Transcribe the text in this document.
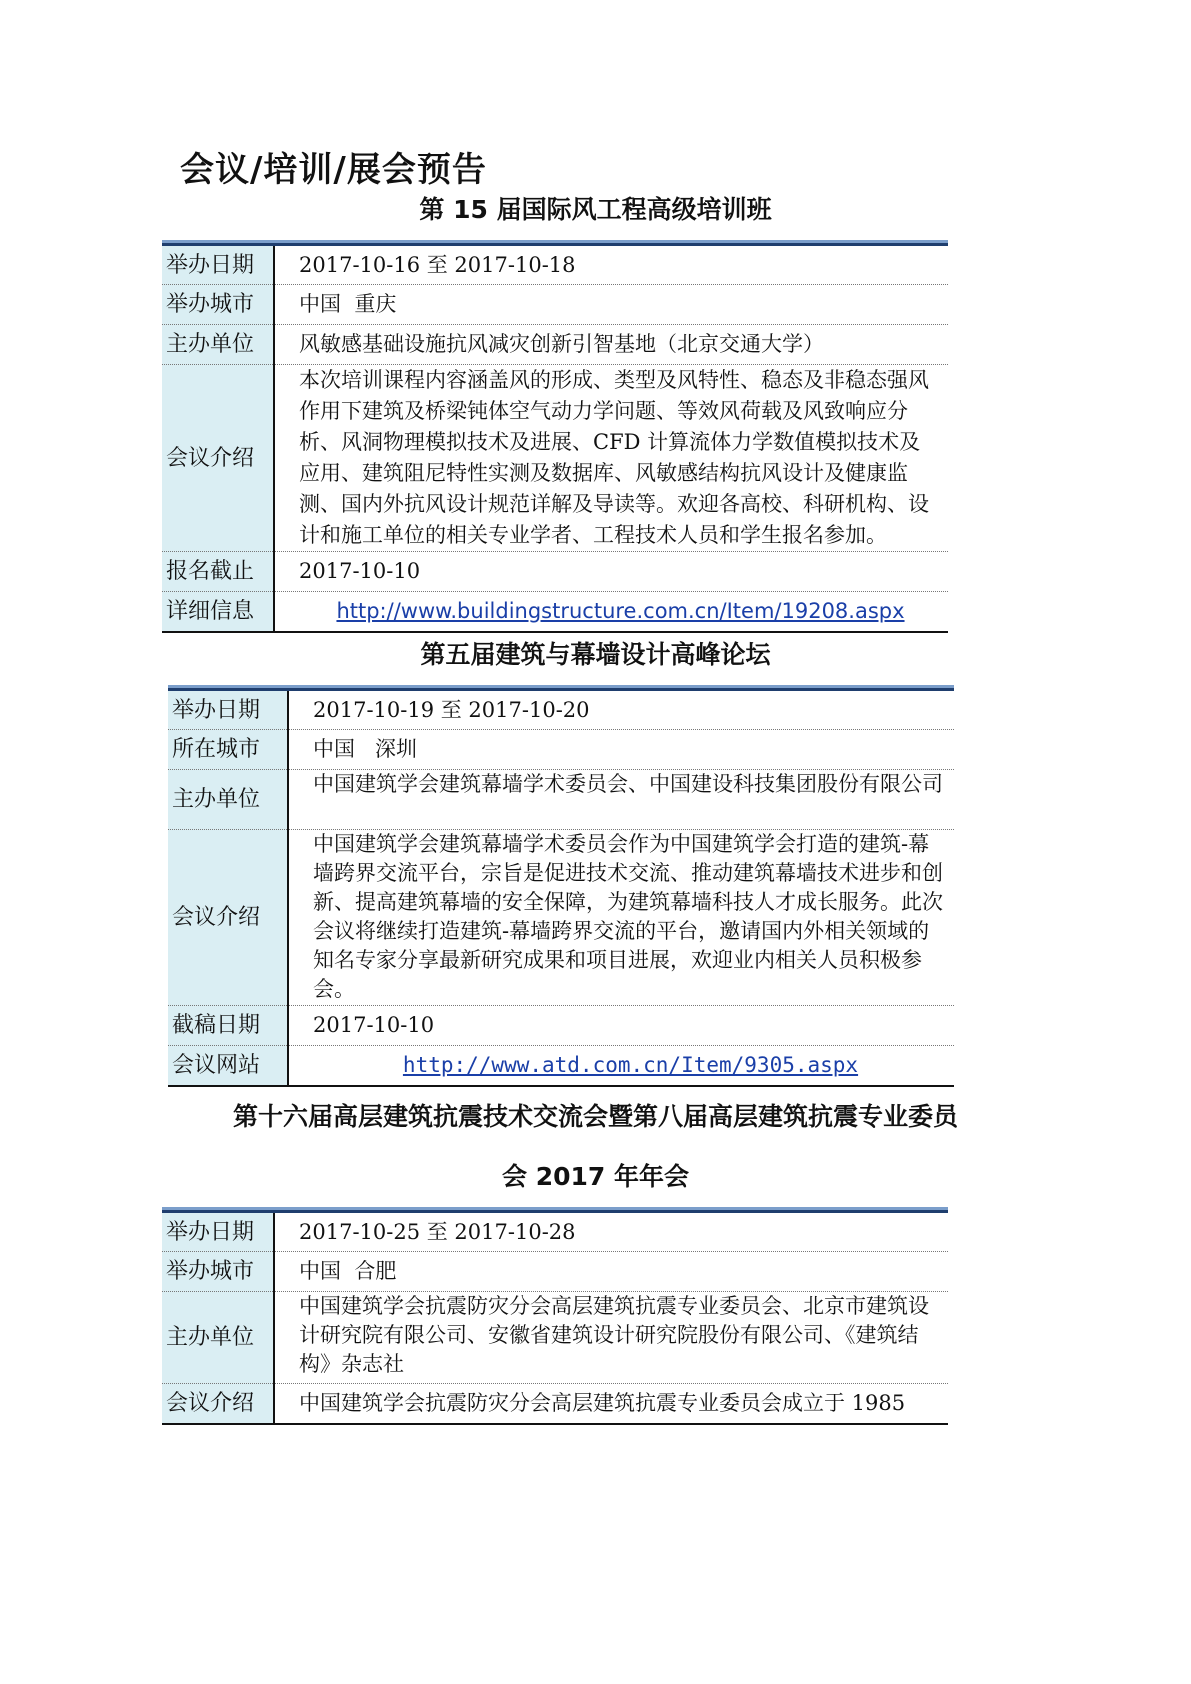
会议/培训/展会预告
第 15 届国际风工程高级培训班
举办日期	2017-10-16 至 2017-10-18
举办城市	中国  重庆
主办单位	风敏感基础设施抗风减灾创新引智基地（北京交通大学）
会议介绍	本次培训课程内容涵盖风的形成、类型及风特性、稳态及非稳态强风作用下建筑及桥梁钝体空气动力学问题、等效风荷载及风致响应分析、风洞物理模拟技术及进展、CFD 计算流体力学数值模拟技术及应用、建筑阻尼特性实测及数据库、风敏感结构抗风设计及健康监测、国内外抗风设计规范详解及导读等。欢迎各高校、科研机构、设计和施工单位的相关专业学者、工程技术人员和学生报名参加。
报名截止	2017-10-10
详细信息	http://www.buildingstructure.com.cn/Item/19208.aspx
第五届建筑与幕墙设计高峰论坛
举办日期	2017-10-19 至 2017-10-20
所在城市	中国   深圳
主办单位	中国建筑学会建筑幕墙学术委员会、中国建设科技集团股份有限公司
会议介绍	中国建筑学会建筑幕墙学术委员会作为中国建筑学会打造的建筑-幕墙跨界交流平台，宗旨是促进技术交流、推动建筑幕墙技术进步和创新、提高建筑幕墙的安全保障，为建筑幕墙科技人才成长服务。此次会议将继续打造建筑-幕墙跨界交流的平台，邀请国内外相关领域的知名专家分享最新研究成果和项目进展，欢迎业内相关人员积极参会。
截稿日期	2017-10-10
会议网站	http://www.atd.com.cn/Item/9305.aspx
第十六届高层建筑抗震技术交流会暨第八届高层建筑抗震专业委员
会 2017 年年会
举办日期	2017-10-25 至 2017-10-28
举办城市	中国  合肥
主办单位	中国建筑学会抗震防灾分会高层建筑抗震专业委员会、北京市建筑设计研究院有限公司、安徽省建筑设计研究院股份有限公司、《建筑结构》杂志社
会议介绍	中国建筑学会抗震防灾分会高层建筑抗震专业委员会成立于 1985
